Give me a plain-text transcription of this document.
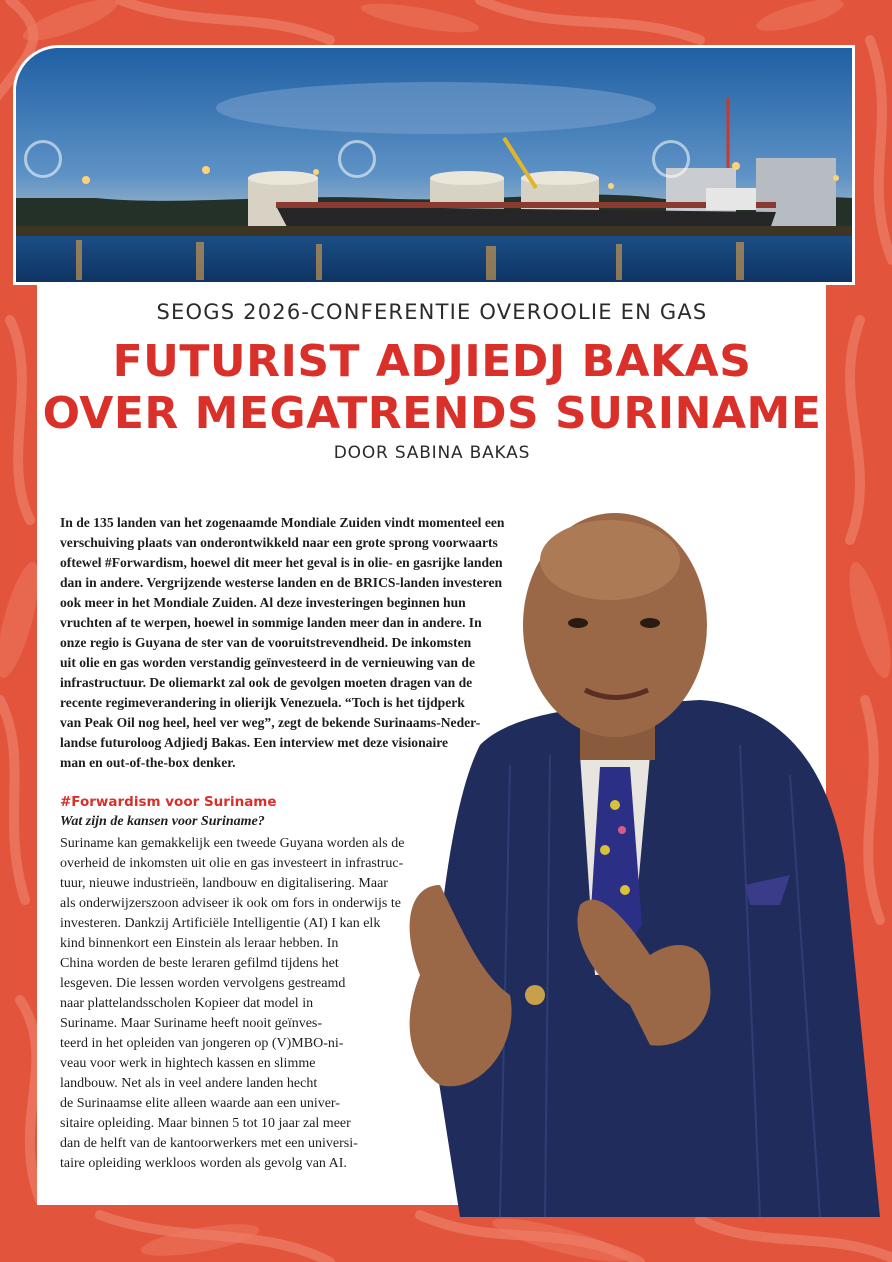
SEOGS 2026-CONFERENTIE OVEROOLIE EN GAS
FUTURIST ADJIEDJ BAKAS
OVER MEGATRENDS SURINAME
DOOR SABINA BAKAS
In de 135 landen van het zogenaamde Mondiale Zuiden vindt momenteel een
verschuiving plaats van onderontwikkeld naar een grote sprong voorwaarts
oftewel #Forwardism, hoewel dit meer het geval is in olie- en gasrijke landen
dan in andere. Vergrijzende westerse landen en de BRICS-landen investeren
ook meer in het Mondiale Zuiden. Al deze investeringen beginnen hun
vruchten af te werpen, hoewel in sommige landen meer dan in andere. In
onze regio is Guyana de ster van de vooruitstrevendheid. De inkomsten
uit olie en gas worden verstandig geïnvesteerd in de vernieuwing van de
infrastructuur. De oliemarkt zal ook de gevolgen moeten dragen van de
recente regimeverandering in olierijk Venezuela. “Toch is het tijdperk
van Peak Oil nog heel, heel ver weg”, zegt de bekende Surinaams-Neder-
landse futuroloog Adjiedj Bakas. Een interview met deze visionaire
man en out-of-the-box denker.
#Forwardism voor Suriname
Wat zijn de kansen voor Suriname?
Suriname kan gemakkelijk een tweede Guyana worden als de
overheid de inkomsten uit olie en gas investeert in infrastruc-
tuur, nieuwe industrieën, landbouw en digitalisering. Maar
als onderwijzerszoon adviseer ik ook om fors in onderwijs te
investeren. Dankzij Artificiële Intelligentie (AI) I kan elk
kind binnenkort een Einstein als leraar hebben. In
China worden de beste leraren gefilmd tijdens het
lesgeven. Die lessen worden vervolgens gestreamd
naar plattelandsscholen Kopieer dat model in
Suriname. Maar Suriname heeft nooit geïnves-
teerd in het opleiden van jongeren op (V)MBO-ni-
veau voor werk in hightech kassen en slimme
landbouw. Net als in veel andere landen hecht
de Surinaamse elite alleen waarde aan een univer-
sitaire opleiding. Maar binnen 5 tot 10 jaar zal meer
dan de helft van de kantoorwerkers met een universi-
taire opleiding werkloos worden als gevolg van AI.
